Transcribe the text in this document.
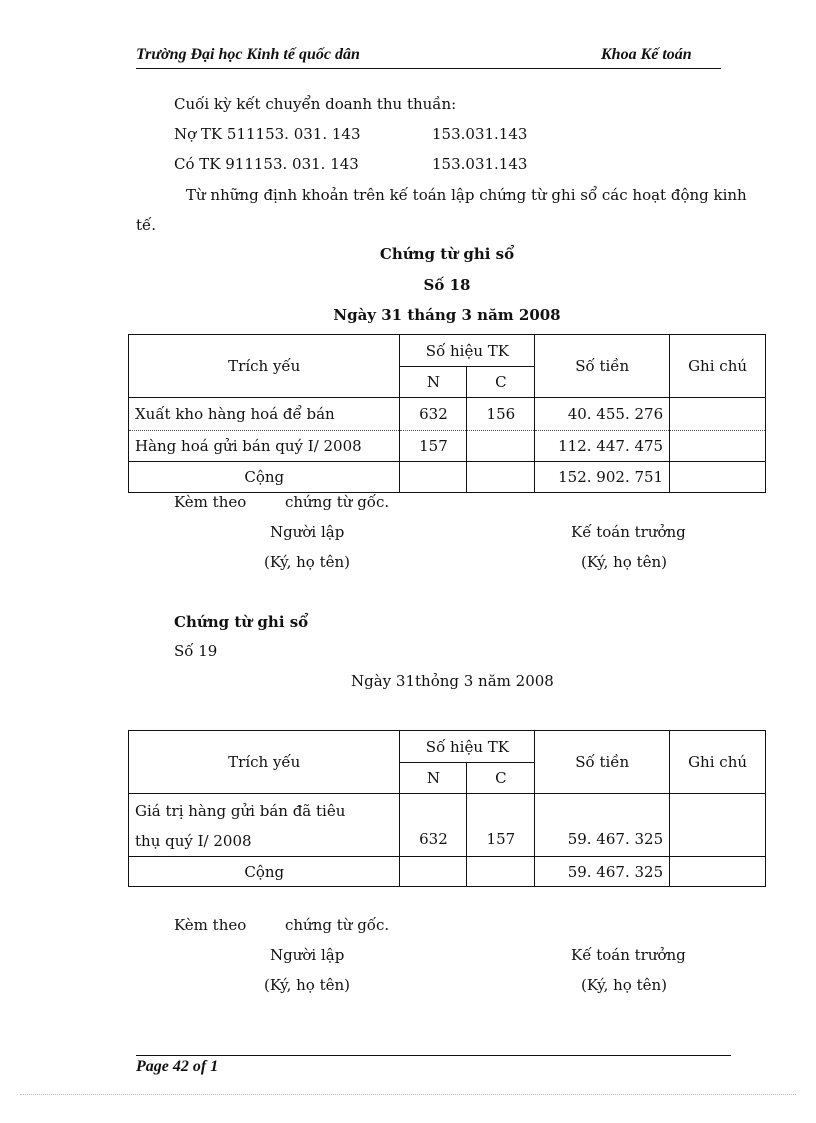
Trường Đại học Kinh tế quốc dân	Khoa Kế toán
Cuối kỳ kết chuyển doanh thu thuần:
Nợ TK 511153. 031. 143	153.031.143
Có TK 911153. 031. 143	153.031.143
Từ những định khoản trên kế toán lập chứng từ ghi sổ các hoạt động kinh
tế.
Chứng từ ghi sổ
Số 18
Ngày 31 tháng 3 năm 2008
Trích yếu	Số hiệu TK		Số tiền	Ghi chú
	N	C		
Xuất kho hàng hoá để bán	632	156	40. 455. 276	
Hàng hoá gửi bán quý I/ 2008	157		112. 447. 475	
Cộng			152. 902. 751	
Kèm theo	chứng từ gốc.
Người lập	Kế toán trưởng
(Ký, họ tên)	(Ký, họ tên)
Chứng từ ghi sổ
Số 19
Ngày 31thỏng 3 năm 2008
Trích yếu	Số hiệu TK		Số tiền	Ghi chú
	N	C		

Giá trị hàng gửi bán đã tiêu
thụ quý I/ 2008	632	157	59. 467. 325	
Cộng			59. 467. 325	
Kèm theo	chứng từ gốc.
Người lập	Kế toán trưởng
(Ký, họ tên)	(Ký, họ tên)
Page 42 of 1
